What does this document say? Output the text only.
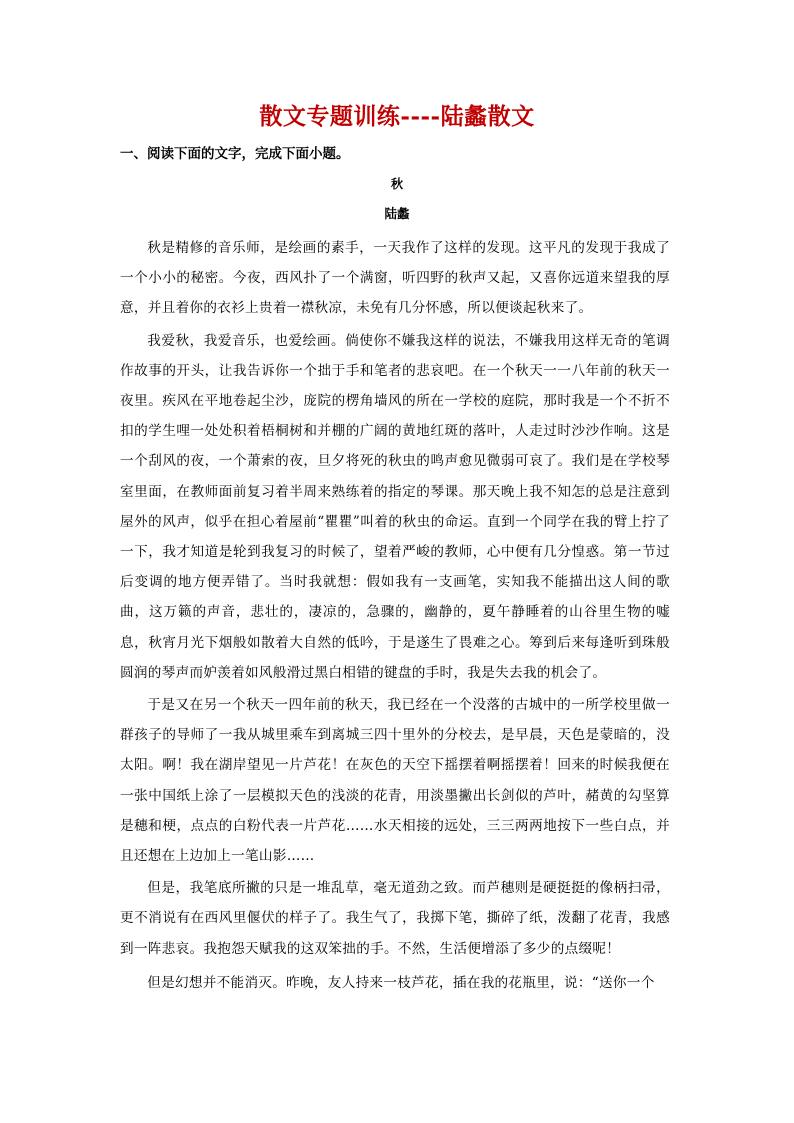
散文专题训练----陆蠡散文
一、阅读下面的文字，完成下面小题。
秋
陆蠡

秋是精修的音乐师，是绘画的素手，一天我作了这样的发现。这平凡的发现于我成了一个小小的秘密。今夜，西风扑了一个满窗，听四野的秋声又起，又喜你远道来望我的厚意，并且着你的衣衫上贵着一襟秋凉，未免有几分怀感，所以便谈起秋来了。

我爱秋，我爱音乐，也爱绘画。倘使你不嫌我这样的说法，不嫌我用这样无奇的笔调作故事的开头，让我告诉你一个拙于手和笔者的悲哀吧。在一个秋天一一八年前的秋天一夜里。疾风在平地卷起尘沙，庞院的楞角墙风的所在一学校的庭院，那时我是一个不折不扣的学生哩一处处积着梧桐树和并棚的广阔的黄地红斑的落叶，人走过时沙沙作响。这是一个刮风的夜，一个萧索的夜，旦夕将死的秋虫的鸣声愈见微弱可哀了。我们是在学校琴室里面，在教师面前复习着半周来熟练着的指定的琴课。那天晚上我不知怎的总是注意到屋外的风声，似乎在担心着屋前“瞿瞿”叫着的秋虫的命运。直到一个同学在我的臂上拧了一下，我才知道是轮到我复习的时候了，望着严峻的教师，心中便有几分惶惑。第一节过后变调的地方便弄错了。当时我就想：假如我有一支画笔，实知我不能描出这人间的歌曲，这万籁的声音，悲壮的，凄凉的，急骤的，幽静的，夏午静睡着的山谷里生物的嘘息，秋宵月光下烟般如散着大自然的低吟，于是遂生了畏难之心。筹到后来每逢听到珠般圆润的琴声而妒羡着如风般滑过黑白相错的键盘的手时，我是失去我的机会了。

于是又在另一个秋天一四年前的秋天，我已经在一个没落的古城中的一所学校里做一群孩子的导师了一我从城里乘车到离城三四十里外的分校去，是早晨，天色是蒙暗的，没太阳。啊！我在湖岸望见一片芦花！在灰色的天空下摇摆着啊摇摆着！回来的时候我便在一张中国纸上涂了一层模拟天色的浅淡的花青，用淡墨撇出长剑似的芦叶，赭黄的勾坚算是穗和梗，点点的白粉代表一片芦花……水天相接的远处，三三两两地按下一些白点，并且还想在上边加上一笔山影……

但是，我笔底所撇的只是一堆乱草，毫无道劲之致。而芦穗则是硬挺挺的像柄扫帚，更不消说有在西风里偃伏的样子了。我生气了，我掷下笔，撕碎了纸，泼翻了花青，我感到一阵悲哀。我抱怨天赋我的这双笨拙的手。不然，生活便增添了多少的点缀呢！

但是幻想并不能消灭。昨晚，友人持来一枝芦花，插在我的花瓶里，说：“送你一个
